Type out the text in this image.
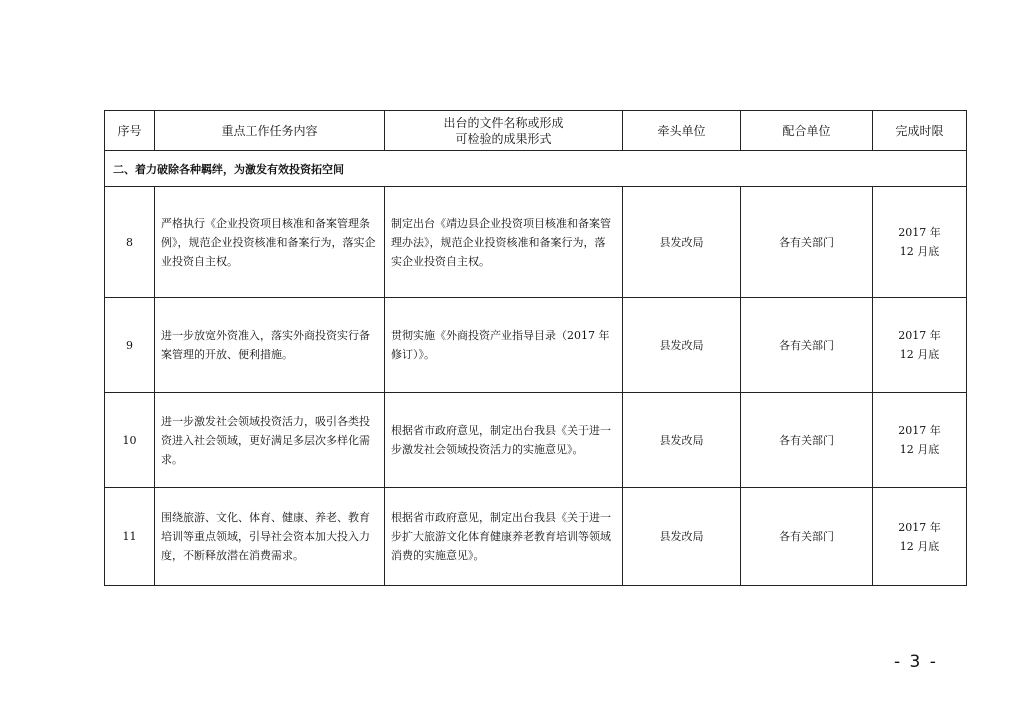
序号	重点工作任务内容	出台的文件名称或形成
可检验的成果形式	牵头单位	配合单位	完成时限
二、着力破除各种羁绊，为激发有效投资拓空间					
8	严格执行《企业投资项目核准和备案管理条例》，规范企业投资核准和备案行为，落实企业投资自主权。	制定出台《靖边县企业投资项目核准和备案管理办法》，规范企业投资核准和备案行为，落实企业投资自主权。	县发改局	各有关部门	2017 年
12 月底

9	进一步放宽外资准入，落实外商投资实行备案管理的开放、便利措施。	贯彻实施《外商投资产业指导目录（2017 年修订）》。	县发改局	各有关部门	2017 年
12 月底

10	进一步激发社会领域投资活力，吸引各类投资进入社会领域，更好满足多层次多样化需求。	根据省市政府意见，制定出台我县《关于进一步激发社会领域投资活力的实施意见》。	县发改局	各有关部门	2017 年
12 月底

11	围绕旅游、文化、体育、健康、养老、教育培训等重点领域，引导社会资本加大投入力度，不断释放潜在消费需求。	根据省市政府意见，制定出台我县《关于进一步扩大旅游文化体育健康养老教育培训等领域消费的实施意见》。	县发改局	各有关部门	2017 年
12 月底
- 3 -
